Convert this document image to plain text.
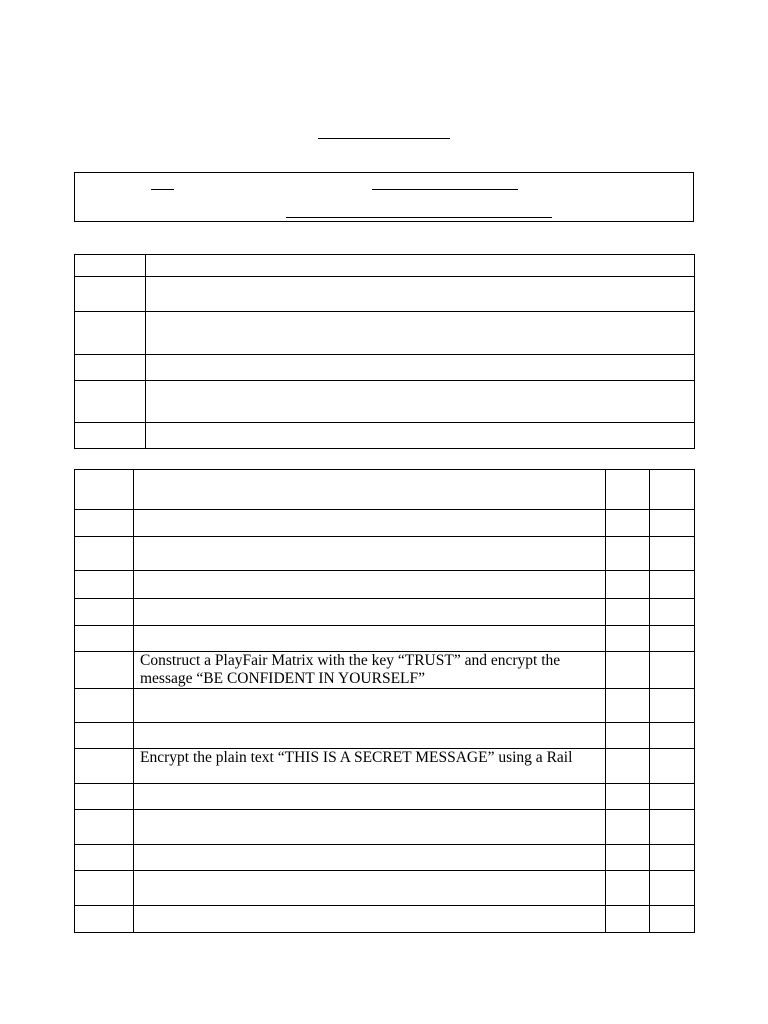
	Construct a PlayFair Matrix with the key “TRUST” and encrypt the message “BE CONFIDENT IN YOURSELF”		

	Encrypt the plain text “THIS IS A SECRET MESSAGE” using a Rail		
